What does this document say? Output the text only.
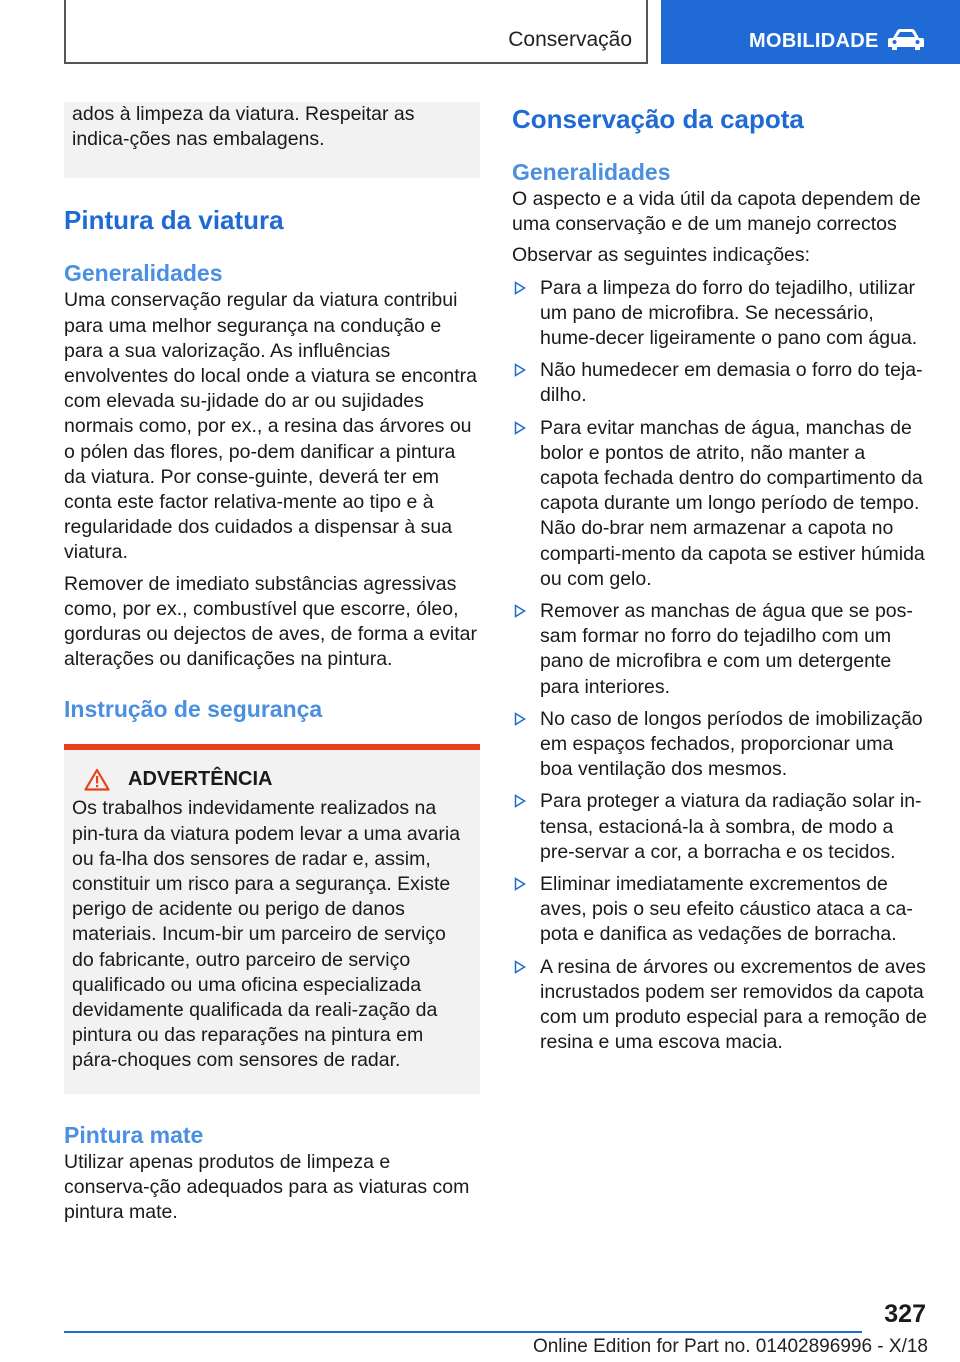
Conservação	MOBILIDADE

ados à limpeza da viatura. Respeitar as indica-ções nas embalagens.

Pintura da viatura
Generalidades

Uma conservação regular da viatura contribui para uma melhor segurança na condução e para a sua valorização. As influências envolventes do local onde a viatura se encontra com elevada su-jidade do ar ou sujidades normais como, por ex., a resina das árvores ou o pólen das flores, po-dem danificar a pintura da viatura. Por conse-guinte, deverá ter em conta este factor relativa-mente ao tipo e à regularidade dos cuidados a dispensar à sua viatura.

Remover de imediato substâncias agressivas como, por ex., combustível que escorre, óleo, gorduras ou dejectos de aves, de forma a evitar alterações ou danificações na pintura.

Instrução de segurança
ADVERTÊNCIA

Os trabalhos indevidamente realizados na pin-tura da viatura podem levar a uma avaria ou fa-lha dos sensores de radar e, assim, constituir um risco para a segurança. Existe perigo de acidente ou perigo de danos materiais. Incum-bir um parceiro de serviço do fabricante, outro parceiro de serviço qualificado ou uma oficina especializada devidamente qualificada da reali-zação da pintura ou das reparações na pintura em pára-choques com sensores de radar.

Pintura mate

Utilizar apenas produtos de limpeza e conserva-ção adequados para as viaturas com pintura mate.

Conservação da capota
Generalidades

O aspecto e a vida útil da capota dependem de uma conservação e de um manejo correctos

Observar as seguintes indicações:

Para a limpeza do forro do tejadilho, utilizar um pano de microfibra. Se necessário, hume-decer ligeiramente o pano com água.
Não humedecer em demasia o forro do teja-dilho.
Para evitar manchas de água, manchas de bolor e pontos de atrito, não manter a capota fechada dentro do compartimento da capota durante um longo período de tempo. Não do-brar nem armazenar a capota no comparti-mento da capota se estiver húmida ou com gelo.
Remover as manchas de água que se pos-sam formar no forro do tejadilho com um pano de microfibra e com um detergente para interiores.
No caso de longos períodos de imobilização em espaços fechados, proporcionar uma boa ventilação dos mesmos.
Para proteger a viatura da radiação solar in-tensa, estacioná-la à sombra, de modo a pre-servar a cor, a borracha e os tecidos.
Eliminar imediatamente excrementos de aves, pois o seu efeito cáustico ataca a ca-pota e danifica as vedações de borracha.
A resina de árvores ou excrementos de aves incrustados podem ser removidos da capota com um produto especial para a remoção de resina e uma escova macia.
327
Online Edition for Part no. 01402896996 - X/18
